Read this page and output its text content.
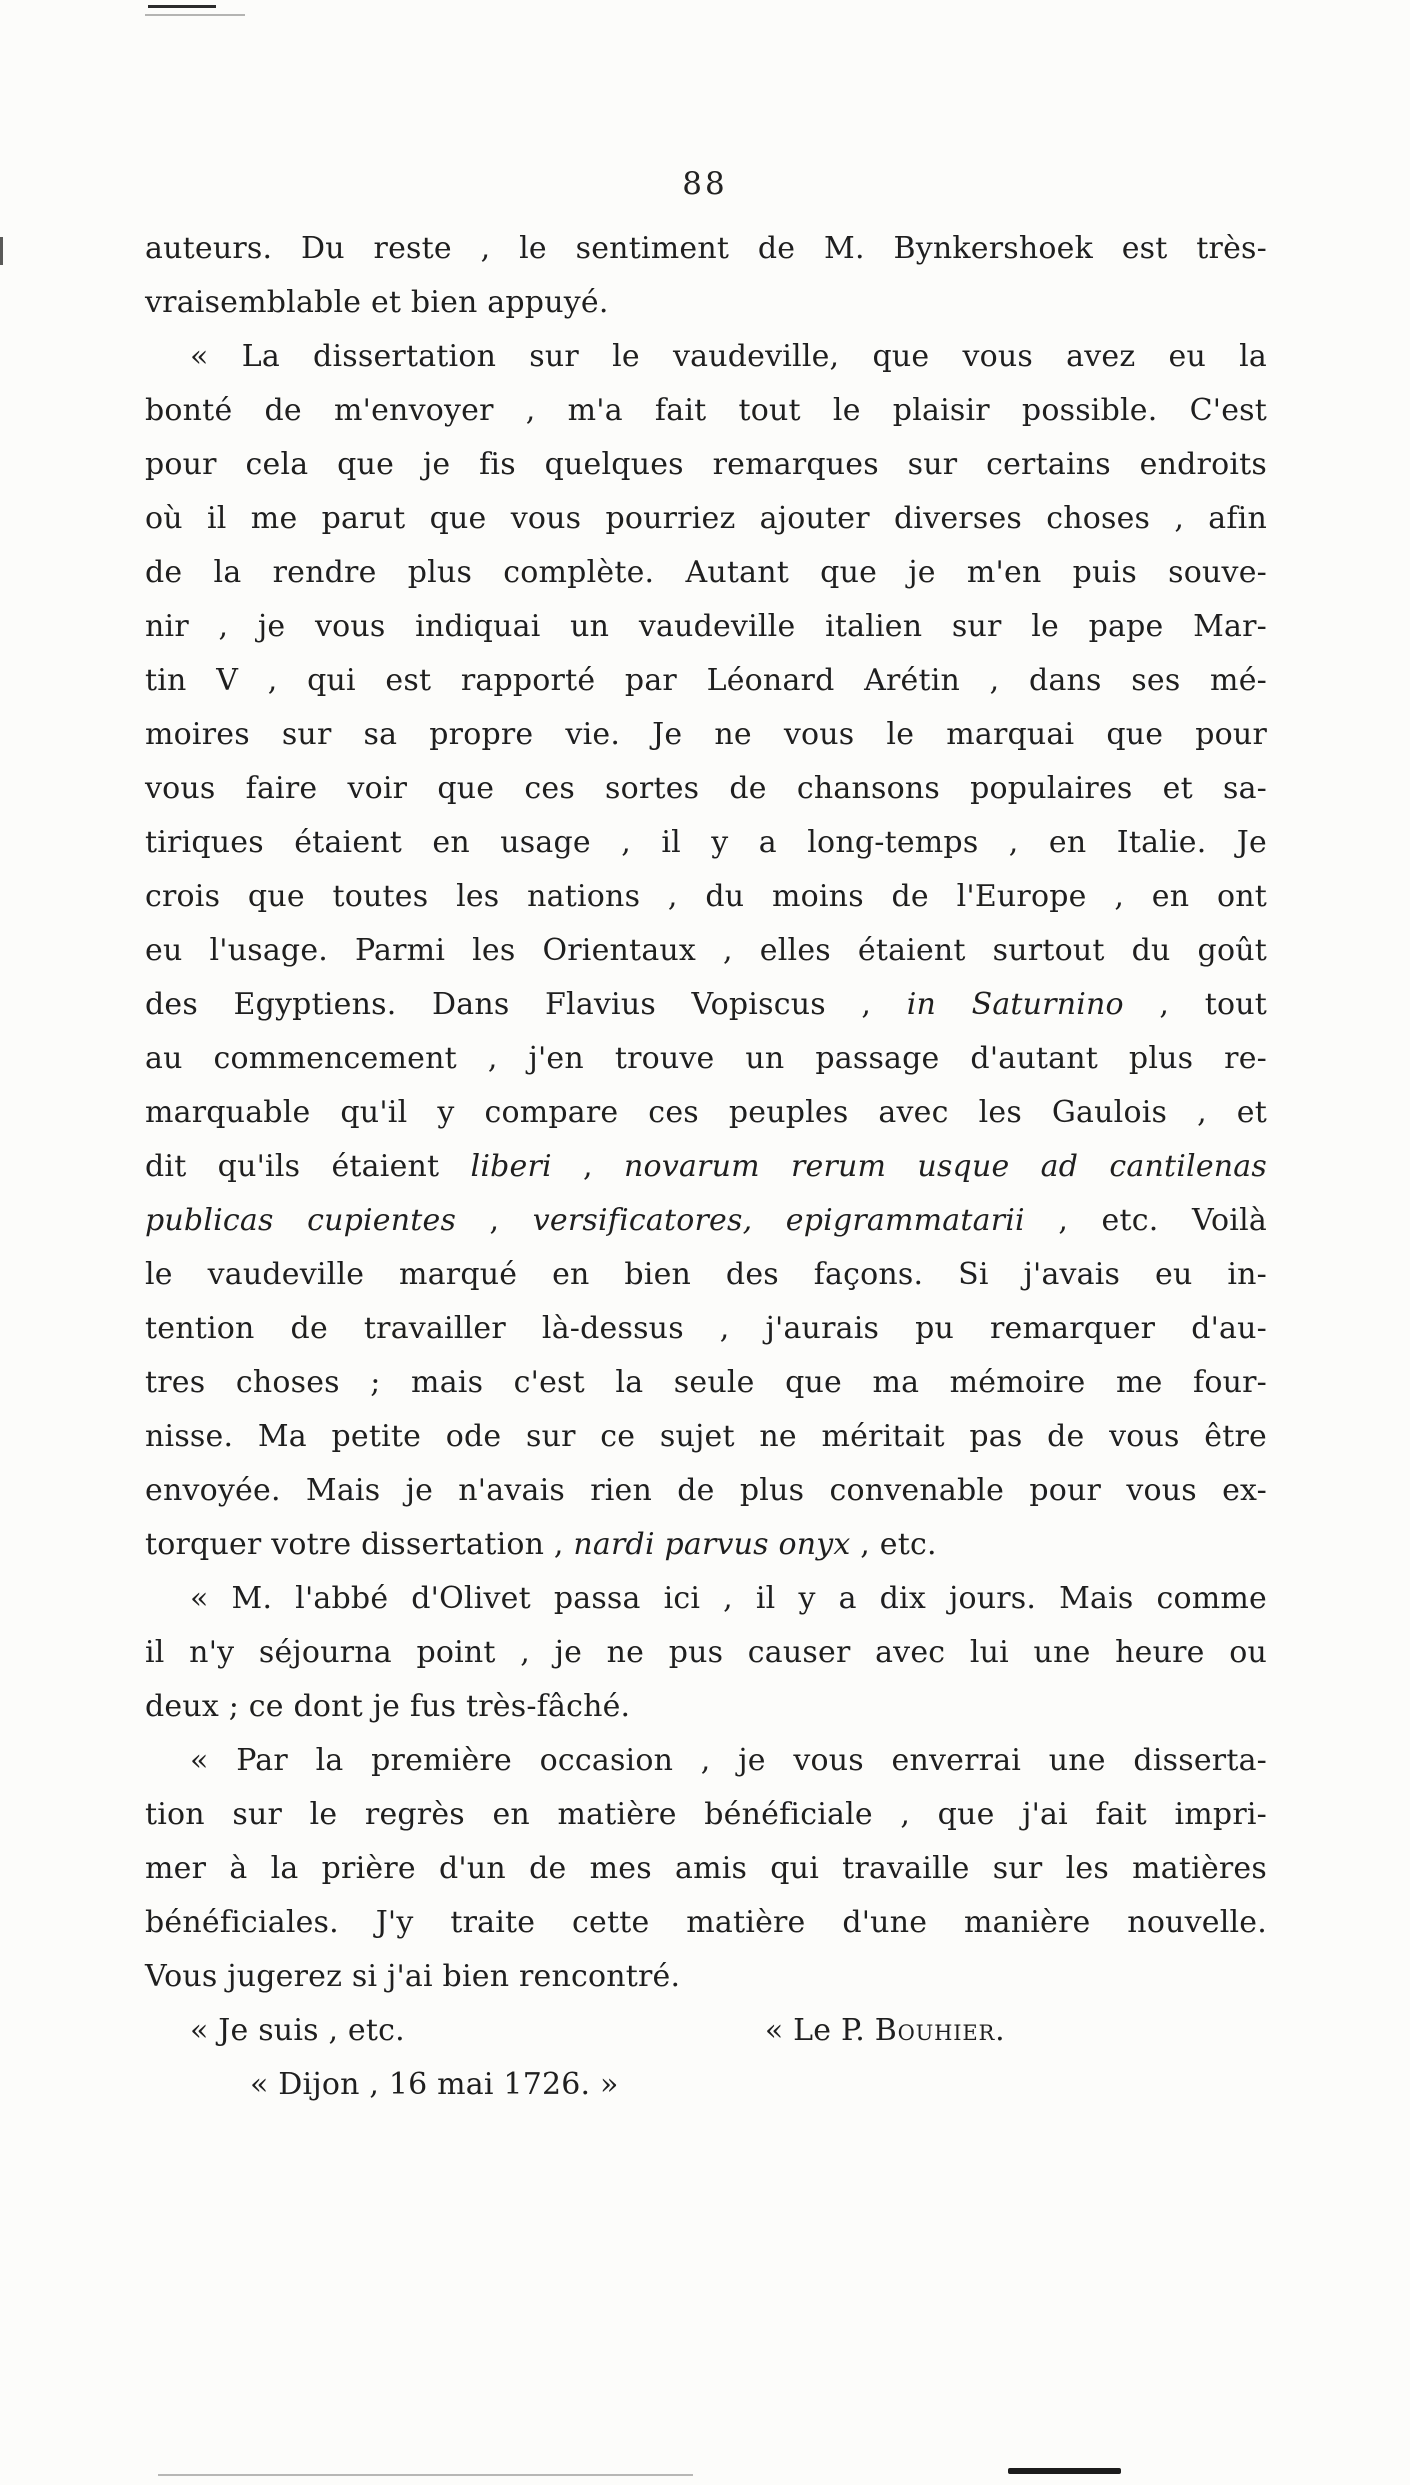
88
auteurs. Du reste , le sentiment de M. Bynkershoek est très-
vraisemblable et bien appuyé.
« La dissertation sur le vaudeville, que vous avez eu la
bonté de m'envoyer , m'a fait tout le plaisir possible. C'est
pour cela que je fis quelques remarques sur certains endroits
où il me parut que vous pourriez ajouter diverses choses , afin
de la rendre plus complète. Autant que je m'en puis souve-
nir , je vous indiquai un vaudeville italien sur le pape Mar-
tin V , qui est rapporté par Léonard Arétin , dans ses mé-
moires sur sa propre vie. Je ne vous le marquai que pour
vous faire voir que ces sortes de chansons populaires et sa-
tiriques étaient en usage , il y a long-temps , en Italie. Je
crois que toutes les nations , du moins de l'Europe , en ont
eu l'usage. Parmi les Orientaux , elles étaient surtout du goût
des Egyptiens. Dans Flavius Vopiscus , in Saturnino , tout
au commencement , j'en trouve un passage d'autant plus re-
marquable qu'il y compare ces peuples avec les Gaulois , et
dit qu'ils étaient liberi , novarum rerum usque ad cantilenas
publicas cupientes , versificatores, epigrammatarii , etc. Voilà
le vaudeville marqué en bien des façons. Si j'avais eu in-
tention de travailler là-dessus , j'aurais pu remarquer d'au-
tres choses ; mais c'est la seule que ma mémoire me four-
nisse. Ma petite ode sur ce sujet ne méritait pas de vous être
envoyée. Mais je n'avais rien de plus convenable pour vous ex-
torquer votre dissertation , nardi parvus onyx , etc.
« M. l'abbé d'Olivet passa ici , il y a dix jours. Mais comme
il n'y séjourna point , je ne pus causer avec lui une heure ou
deux ; ce dont je fus très-fâché.
« Par la première occasion , je vous enverrai une disserta-
tion sur le regrès en matière bénéficiale , que j'ai fait impri-
mer à la prière d'un de mes amis qui travaille sur les matières
bénéficiales. J'y traite cette matière d'une manière nouvelle.
Vous jugerez si j'ai bien rencontré.
« Je suis , etc.	« Le P. Bouhier.
« Dijon , 16 mai 1726. »
